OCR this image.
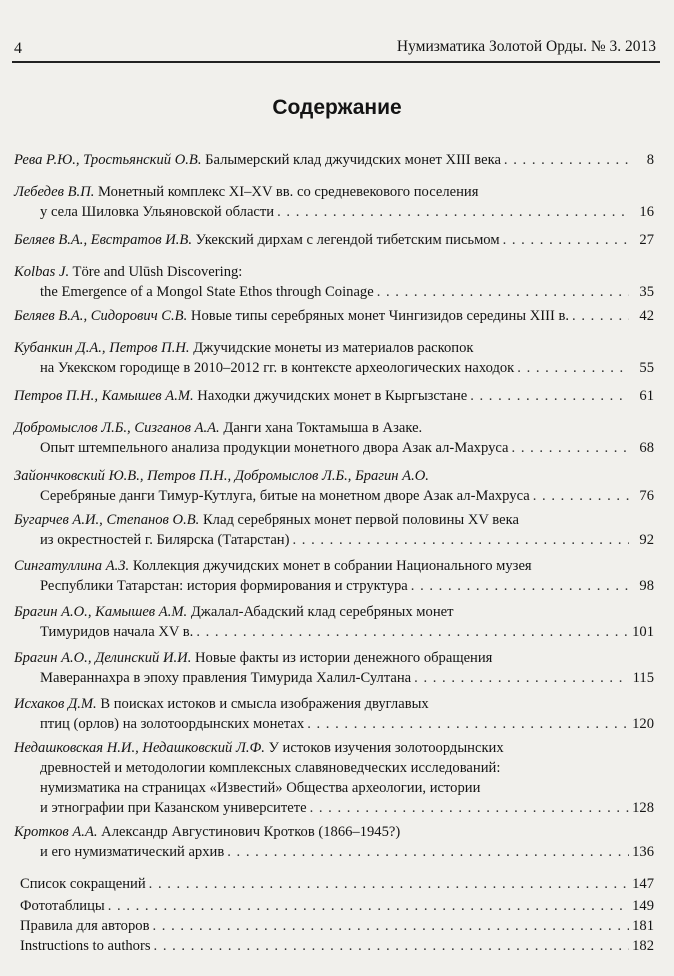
4	Нумизматика Золотой Орды. № 3. 2013
Содержание
Рева Р.Ю., Тростьянский О.В. Балымерский клад джучидских монет XIII века . . .	8
Лебедев В.П. Монетный комплекс XI–XV вв. со средневекового поселения
у села Шиловка Ульяновской области . . .	16
Беляев В.А., Евстратов И.В. Укекский дирхам с легендой тибетским письмом . . .	27
Kolbas J. Töre and Ulūsh Discovering:
the Emergence of a Mongol State Ethos through Coinage . . .	35
Беляев В.А., Сидорович С.В. Новые типы серебряных монет Чингизидов середины XIII в. . . .	42
Кубанкин Д.А., Петров П.Н. Джучидские монеты из материалов раскопок
на Укекском городище в 2010–2012 гг. в контексте археологических находок . . .	55
Петров П.Н., Камышев А.М. Находки джучидских монет в Кыргызстане . . .	61
Добромыслов Л.Б., Сизганов А.А. Данги хана Токтамыша в Азаке.
Опыт штемпельного анализа продукции монетного двора Азак ал-Махруса . . .	68
Зайончковский Ю.В., Петров П.Н., Добромыслов Л.Б., Брагин А.О.
Серебряные данги Тимур-Кутлуга, битые на монетном дворе Азак ал-Махруса . . .	76
Бугарчев А.И., Степанов О.В. Клад серебряных монет первой половины XV века
из окрестностей г. Билярска (Татарстан) . . .	92
Сингатуллина А.З. Коллекция джучидских монет в собрании Национального музея
Республики Татарстан: история формирования и структура . . .	98
Брагин А.О., Камышев А.М. Джалал-Абадский клад серебряных монет
Тимуридов начала XV в. . . .	101
Брагин А.О., Делинский И.И. Новые факты из истории денежного обращения
Мавераннахра в эпоху правления Тимурида Халил-Султана . . .	115
Исхаков Д.М. В поисках истоков и смысла изображения двуглавых
птиц (орлов) на золотоордынских монетах . . .	120
Недашковская Н.И., Недашковский Л.Ф. У истоков изучения золотоордынских
древностей и методологии комплексных славяноведческих исследований:
нумизматика на страницах «Известий» Общества археологии, истории
и этнографии при Казанском университете . . .	128
Кротков А.А. Александр Августинович Кротков (1866–1945?)
и его нумизматический архив . . .	136
Список сокращений . . .	147
Фототаблицы . . .	149
Правила для авторов . . .	181
Instructions to authors . . .	182
